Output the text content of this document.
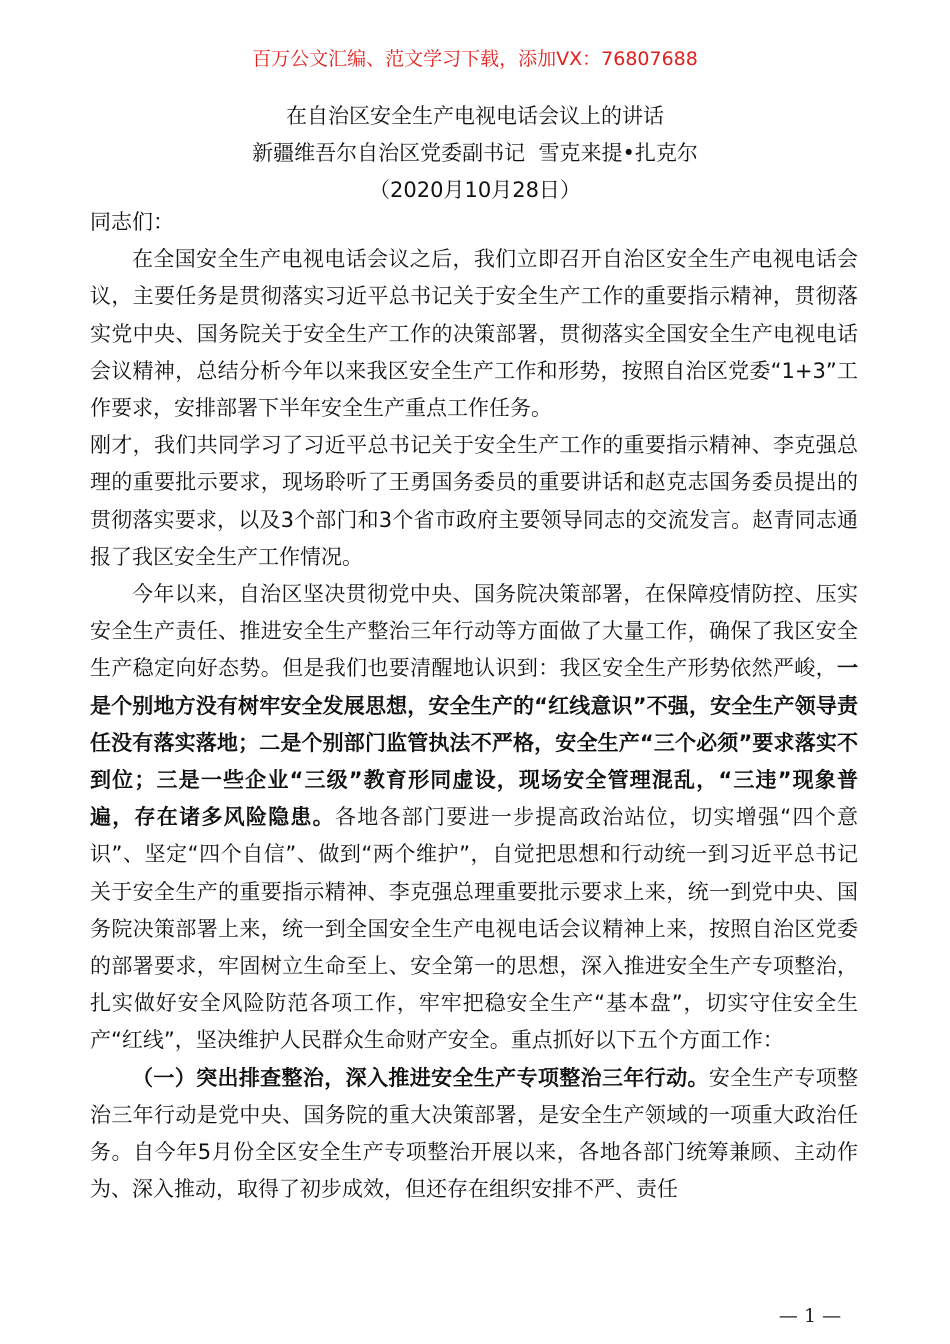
百万公文汇编、范文学习下载，添加VX：76807688
在自治区安全生产电视电话会议上的讲话
新疆维吾尔自治区党委副书记  雪克来提•扎克尔
（2020月10月28日）

同志们：

在全国安全生产电视电话会议之后，我们立即召开自治区安全生产电视电话会议，主要任务是贯彻落实习近平总书记关于安全生产工作的重要指示精神，贯彻落实党中央、国务院关于安全生产工作的决策部署，贯彻落实全国安全生产电视电话会议精神，总结分析今年以来我区安全生产工作和形势，按照自治区党委“1+3”工作要求，安排部署下半年安全生产重点工作任务。

刚才，我们共同学习了习近平总书记关于安全生产工作的重要指示精神、李克强总理的重要批示要求，现场聆听了王勇国务委员的重要讲话和赵克志国务委员提出的贯彻落实要求，以及3个部门和3个省市政府主要领导同志的交流发言。赵青同志通报了我区安全生产工作情况。

今年以来，自治区坚决贯彻党中央、国务院决策部署，在保障疫情防控、压实安全生产责任、推进安全生产整治三年行动等方面做了大量工作，确保了我区安全生产稳定向好态势。但是我们也要清醒地认识到：我区安全生产形势依然严峻，一是个别地方没有树牢安全发展思想，安全生产的“红线意识”不强，安全生产领导责任没有落实落地；二是个别部门监管执法不严格，安全生产“三个必须”要求落实不到位；三是一些企业“三级”教育形同虚设，现场安全管理混乱，“三违”现象普遍，存在诸多风险隐患。各地各部门要进一步提高政治站位，切实增强“四个意识”、坚定“四个自信”、做到“两个维护”，自觉把思想和行动统一到习近平总书记关于安全生产的重要指示精神、李克强总理重要批示要求上来，统一到党中央、国务院决策部署上来，统一到全国安全生产电视电话会议精神上来，按照自治区党委的部署要求，牢固树立生命至上、安全第一的思想，深入推进安全生产专项整治，扎实做好安全风险防范各项工作，牢牢把稳安全生产“基本盘”，切实守住安全生产“红线”，坚决维护人民群众生命财产安全。重点抓好以下五个方面工作：

（一）突出排查整治，深入推进安全生产专项整治三年行动。安全生产专项整治三年行动是党中央、国务院的重大决策部署，是安全生产领域的一项重大政治任务。自今年5月份全区安全生产专项整治开展以来，各地各部门统筹兼顾、主动作为、深入推动，取得了初步成效，但还存在组织安排不严、责任

— 1 —
